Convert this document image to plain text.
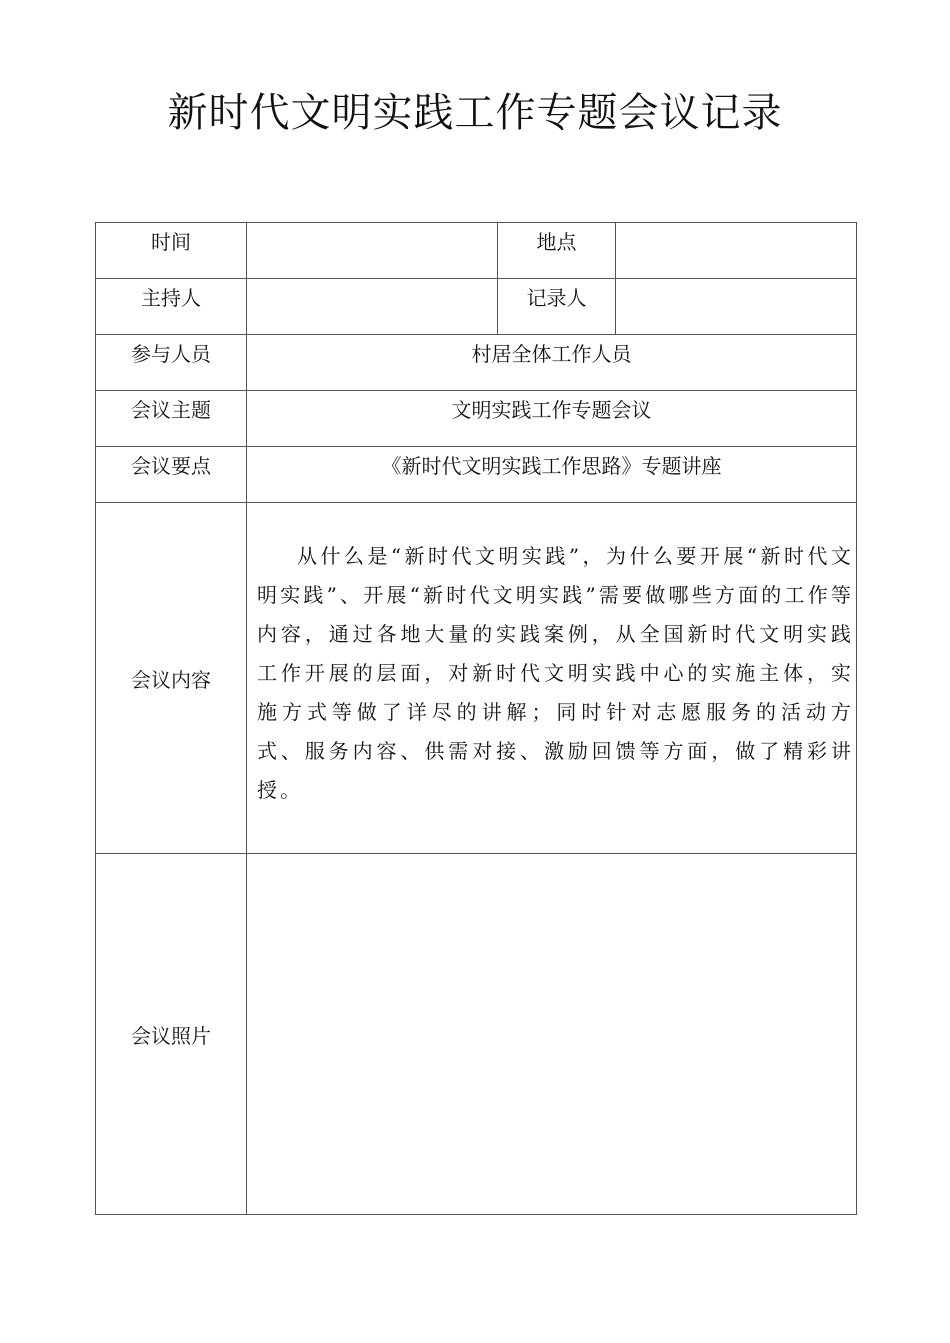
新时代文明实践工作专题会议记录
时间		地点	
主持人		记录人	
参与人员	村居全体工作人员		
会议主题	文明实践工作专题会议		
会议要点	《新时代文明实践工作思路》专题讲座		
会议内容	从什么是“新时代文明实践”，为什么要开展“新时代文明实践”、开展“新时代文明实践”需要做哪些方面的工作等内容，通过各地大量的实践案例，从全国新时代文明实践工作开展的层面，对新时代文明实践中心的实施主体，实施方式等做了详尽的讲解；同时针对志愿服务的活动方式、服务内容、供需对接、激励回馈等方面，做了精彩讲授。		
会议照片			
